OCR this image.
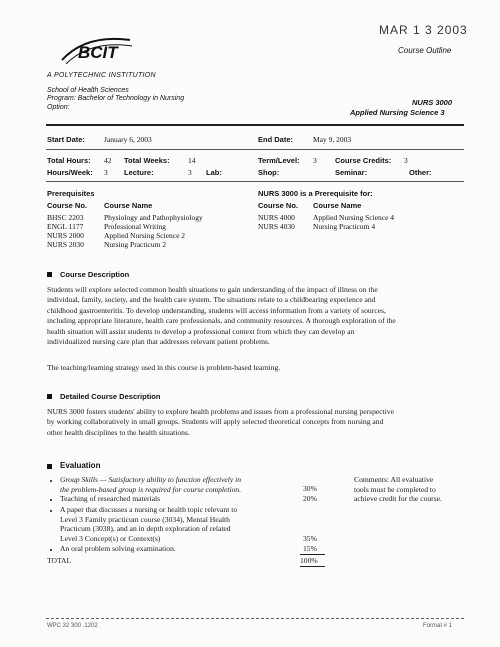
MAR 1 3 2003
Course Outline
BCIT
A POLYTECHNIC INSTITUTION
School of Health Sciences
Program: Bachelor of Technology in Nursing
Option:
NURS 3000
Applied Nursing Science 3
Start Date:	January 6, 2003	End Date:	May 9, 2003
Total Hours: 42 Total Weeks: 14	Term/Level: 3 Course Credits: 3
Hours/Week: 3 Lecture:	3 Lab:	Shop:	Seminar:	Other:
Prerequisites
Course No. Course Name
BHSC 2203	Physiology and Pathophysiology
ENGL 1177	Professional Writing
NURS 2000	Applied Nursing Science 2
NURS 2030	Nursing Practicum 2
NURS 3000 is a Prerequisite for:
Course No. Course Name
NURS 4000 Applied Nursing Science 4
NURS 4030 Nursing Practicum 4
Course Description
Students will explore selected common health situations to gain understanding of the impact of illness on the
individual, family, society, and the health care system. The situations relate to a childbearing experience and
childhood gastroenteritis. To develop understanding, students will access information from a variety of sources,
including appropriate literature, health care professionals, and community resources. A thorough exploration of the
health situation will assist students to develop a professional context from which they can develop an
individualized nursing care plan that addresses relevant patient problems.
The teaching/learning strategy used in this course is problem-based learning.
Detailed Course Description
NURS 3000 fosters students' ability to explore health problems and issues from a professional nursing perspective
by working collaboratively in small groups. Students will apply selected theoretical concepts from nursing and
other health disciplines to the health situations.
Evaluation
Group Skills — Satisfactory ability to function effectively in
the problem-based group is required for course completion.	30%
Teaching of researched materials	20%
A paper that discusses a nursing or health topic relevant to
Level 3 Family practicum course (3034), Mental Health
Practicum (3038), and an in depth exploration of related
Level 3 Concept(s) or Context(s)	35%
An oral problem solving examination.	15%
TOTAL	100%
Comments: All evaluative
tools must be completed to
achieve credit for the course.
WPC 32 300 .1202	Format # 1
